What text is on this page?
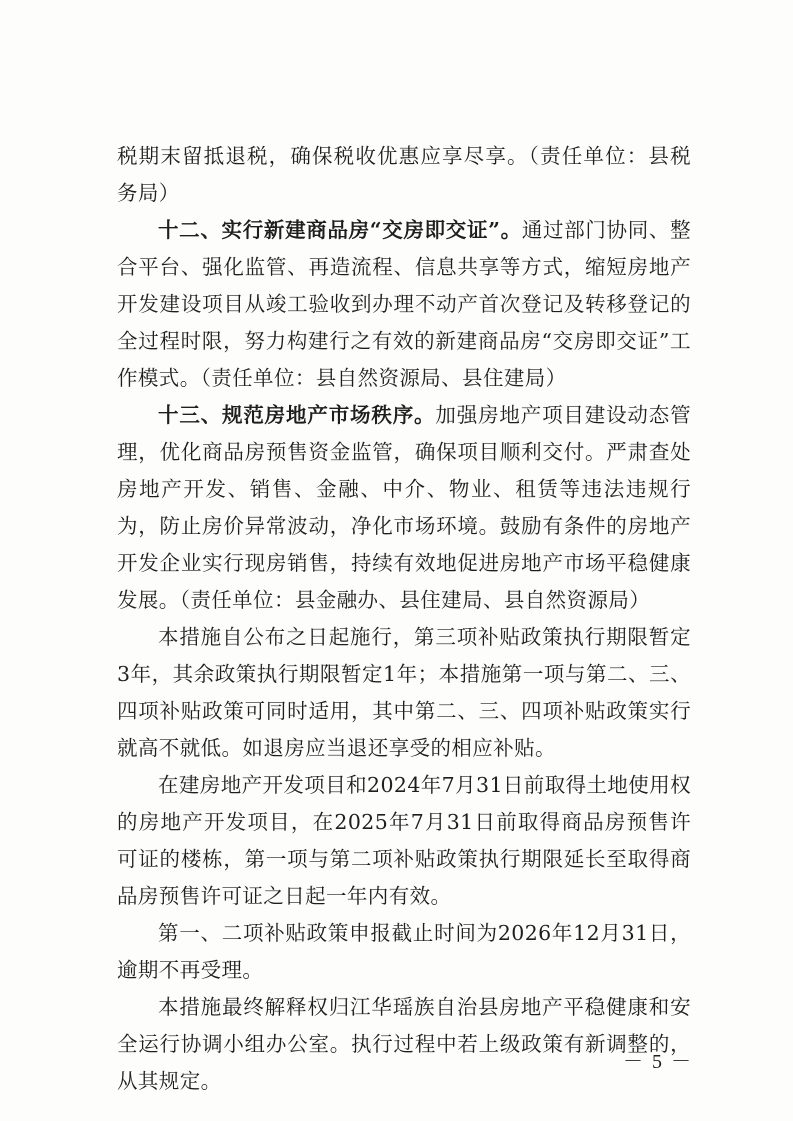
税期末留抵退税，确保税收优惠应享尽享。（责任单位：县税务局）

十二、实行新建商品房“交房即交证”。通过部门协同、整合平台、强化监管、再造流程、信息共享等方式，缩短房地产开发建设项目从竣工验收到办理不动产首次登记及转移登记的全过程时限，努力构建行之有效的新建商品房“交房即交证”工作模式。（责任单位：县自然资源局、县住建局）

十三、规范房地产市场秩序。加强房地产项目建设动态管理，优化商品房预售资金监管，确保项目顺利交付。严肃查处房地产开发、销售、金融、中介、物业、租赁等违法违规行为，防止房价异常波动，净化市场环境。鼓励有条件的房地产开发企业实行现房销售，持续有效地促进房地产市场平稳健康发展。（责任单位：县金融办、县住建局、县自然资源局）

本措施自公布之日起施行，第三项补贴政策执行期限暂定3年，其余政策执行期限暂定1年；本措施第一项与第二、三、四项补贴政策可同时适用，其中第二、三、四项补贴政策实行就高不就低。如退房应当退还享受的相应补贴。

在建房地产开发项目和2024年7月31日前取得土地使用权的房地产开发项目，在2025年7月31日前取得商品房预售许可证的楼栋，第一项与第二项补贴政策执行期限延长至取得商品房预售许可证之日起一年内有效。

第一、二项补贴政策申报截止时间为2026年12月31日，逾期不再受理。

本措施最终解释权归江华瑶族自治县房地产平稳健康和安全运行协调小组办公室。执行过程中若上级政策有新调整的，从其规定。

－ 5 －
